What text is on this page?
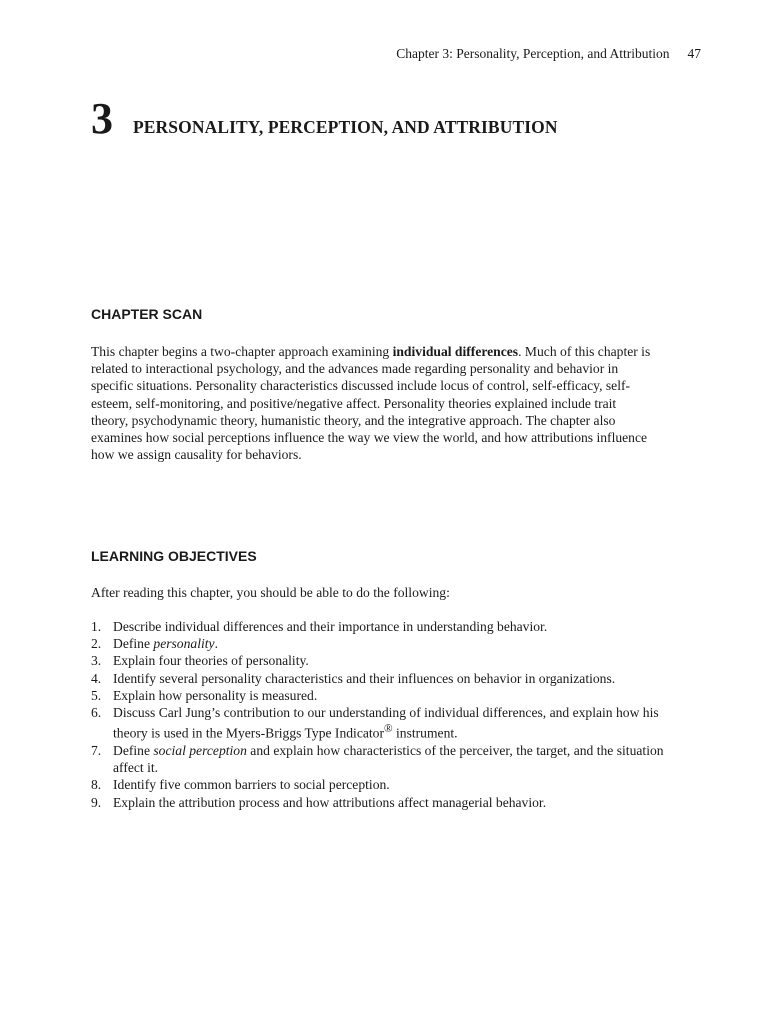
Chapter 3: Personality, Perception, and Attribution 47
3 PERSONALITY, PERCEPTION, AND ATTRIBUTION
CHAPTER SCAN

This chapter begins a two-chapter approach examining individual differences. Much of this chapter is related to interactional psychology, and the advances made regarding personality and behavior in specific situations. Personality characteristics discussed include locus of control, self-efficacy, self-esteem, self-monitoring, and positive/negative affect. Personality theories explained include trait theory, psychodynamic theory, humanistic theory, and the integrative approach. The chapter also examines how social perceptions influence the way we view the world, and how attributions influence how we assign causality for behaviors.

LEARNING OBJECTIVES

After reading this chapter, you should be able to do the following:

1. Describe individual differences and their importance in understanding behavior.
2. Define personality.
3. Explain four theories of personality.
4. Identify several personality characteristics and their influences on behavior in organizations.
5. Explain how personality is measured.
6. Discuss Carl Jung’s contribution to our understanding of individual differences, and explain how his theory is used in the Myers-Briggs Type Indicator® instrument.
7. Define social perception and explain how characteristics of the perceiver, the target, and the situation affect it.
8. Identify five common barriers to social perception.
9. Explain the attribution process and how attributions affect managerial behavior.
